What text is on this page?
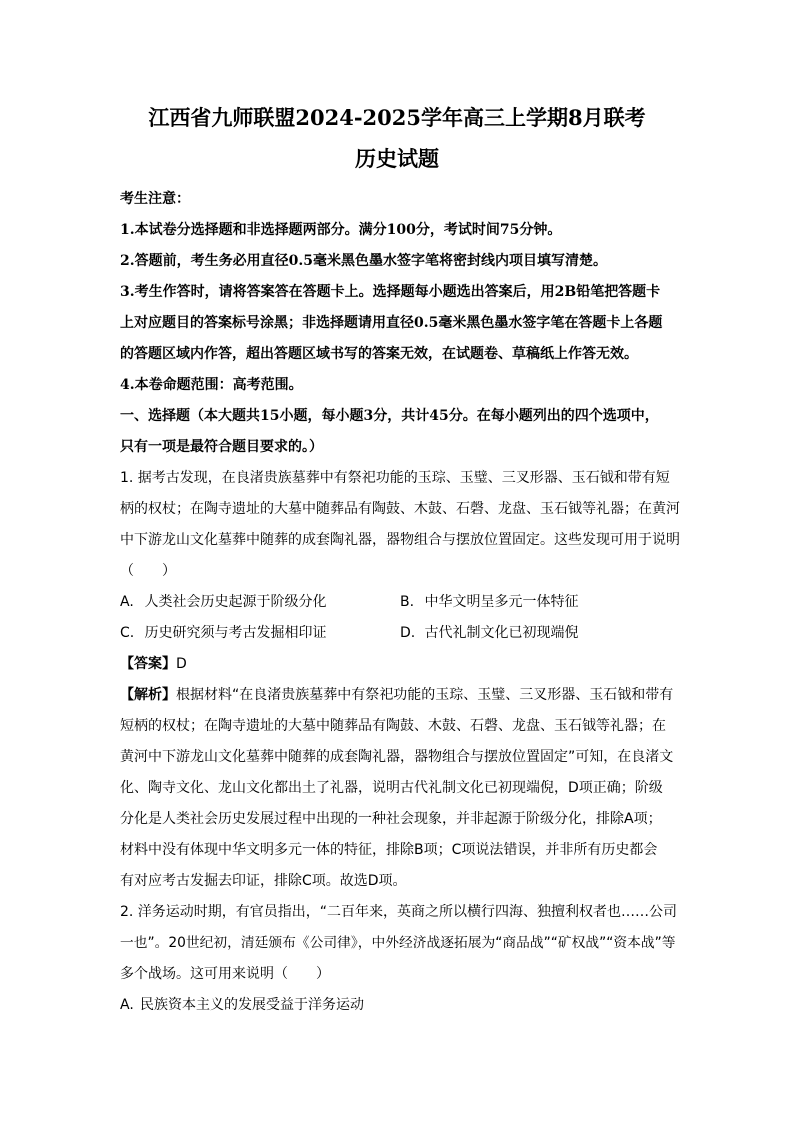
江西省九师联盟2024-2025学年高三上学期8月联考
历史试题
考生注意：
1.本试卷分选择题和非选择题两部分。满分100分，考试时间75分钟。
2.答题前，考生务必用直径0.5毫米黑色墨水签字笔将密封线内项目填写清楚。
3.考生作答时，请将答案答在答题卡上。选择题每小题选出答案后，用2B铅笔把答题卡
上对应题目的答案标号涂黑；非选择题请用直径0.5毫米黑色墨水签字笔在答题卡上各题
的答题区域内作答，超出答题区域书写的答案无效，在试题卷、草稿纸上作答无效。
4.本卷命题范围：高考范围。
一、选择题（本大题共15小题，每小题3分，共计45分。在每小题列出的四个选项中，
只有一项是最符合题目要求的。）
1. 据考古发现，在良渚贵族墓葬中有祭祀功能的玉琮、玉璧、三叉形器、玉石钺和带有短
柄的权杖；在陶寺遗址的大墓中随葬品有陶鼓、木鼓、石磬、龙盘、玉石钺等礼器；在黄河
中下游龙山文化墓葬中随葬的成套陶礼器，器物组合与摆放位置固定。这些发现可用于说明
（　　）
A. 人类社会历史起源于阶级分化	B. 中华文明呈多元一体特征
C. 历史研究须与考古发掘相印证	D. 古代礼制文化已初现端倪
【答案】D
【解析】根据材料“在良渚贵族墓葬中有祭祀功能的玉琮、玉璧、三叉形器、玉石钺和带有
短柄的权杖；在陶寺遗址的大墓中随葬品有陶鼓、木鼓、石磬、龙盘、玉石钺等礼器；在
黄河中下游龙山文化墓葬中随葬的成套陶礼器，器物组合与摆放位置固定”可知，在良渚文
化、陶寺文化、龙山文化都出土了礼器，说明古代礼制文化已初现端倪，D项正确；阶级
分化是人类社会历史发展过程中出现的一种社会现象，并非起源于阶级分化，排除A项；
材料中没有体现中华文明多元一体的特征，排除B项；C项说法错误，并非所有历史都会
有对应考古发掘去印证，排除C项。故选D项。
2. 洋务运动时期，有官员指出，“二百年来，英商之所以横行四海、独擅利权者也……公司
一也”。20世纪初，清廷颁布《公司律》，中外经济战逐拓展为“商品战”“矿权战”“资本战”等
多个战场。这可用来说明（　　）
A. 民族资本主义的发展受益于洋务运动
